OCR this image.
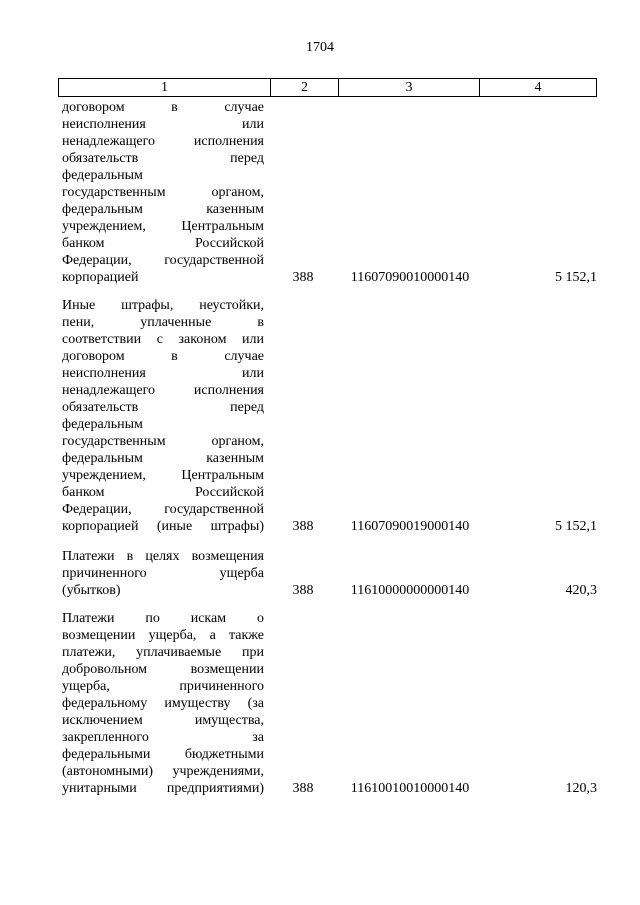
1704
1	2	3	4
договором в случае
неисполнения или
ненадлежащего исполнения
обязательств перед
федеральным
государственным органом,
федеральным казенным
учреждением, Центральным
банком Российской
Федерации, государственной
корпорацией	388	11607090010000140	5 152,1
Иные штрафы, неустойки,
пени, уплаченные в
соответствии с законом или
договором в случае
неисполнения или
ненадлежащего исполнения
обязательств перед
федеральным
государственным органом,
федеральным казенным
учреждением, Центральным
банком Российской
Федерации, государственной
корпорацией (иные штрафы)	388	11607090019000140	5 152,1
Платежи в целях возмещения
причиненного ущерба
(убытков)	388	11610000000000140	420,3
Платежи по искам о
возмещении ущерба, а также
платежи, уплачиваемые при
добровольном возмещении
ущерба, причиненного
федеральному имуществу (за
исключением имущества,
закрепленного за
федеральными бюджетными
(автономными) учреждениями,
унитарными предприятиями)	388	11610010010000140	120,3
